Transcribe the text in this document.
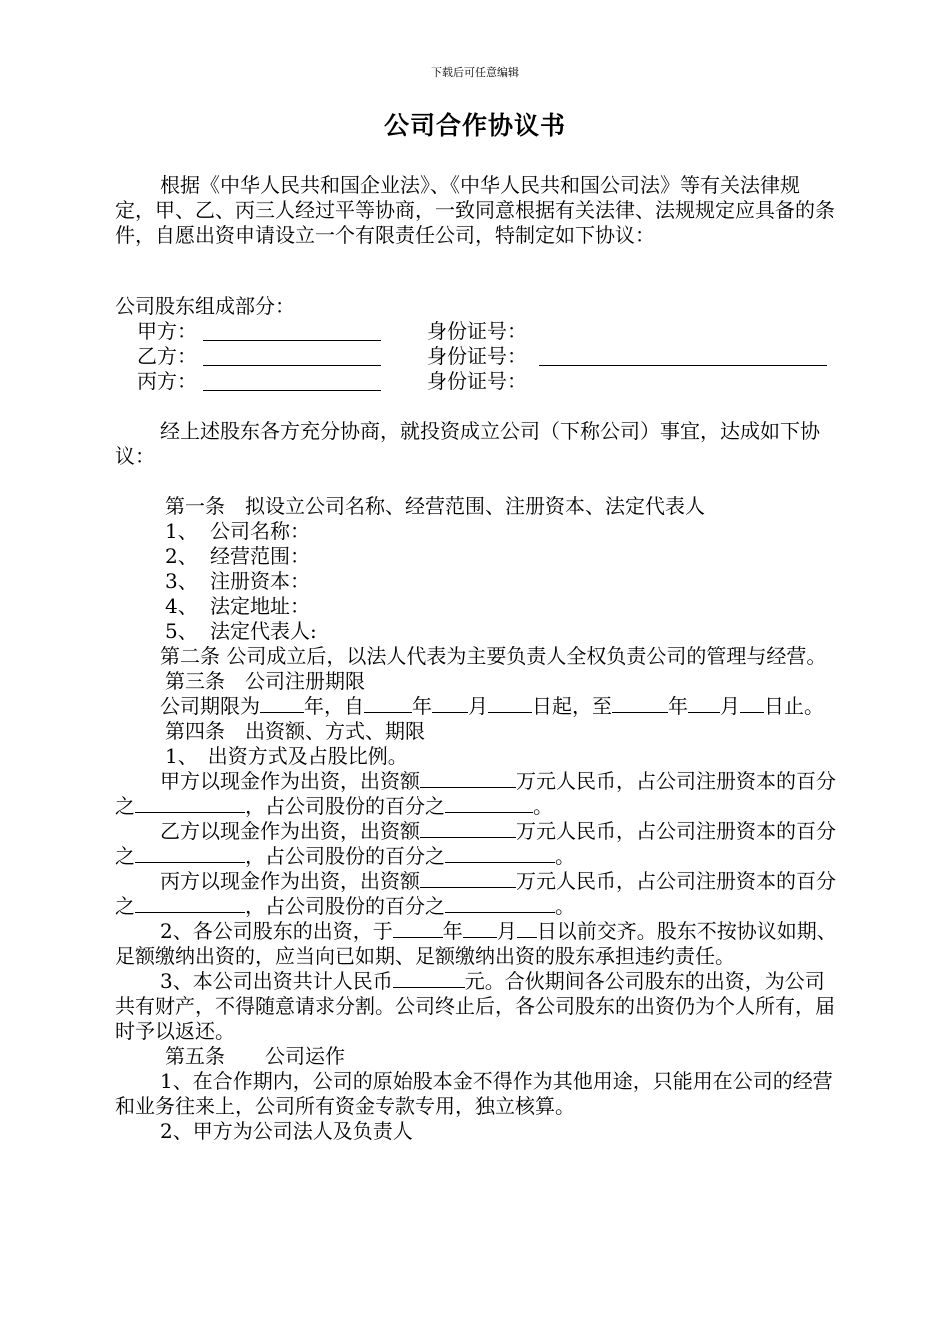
下载后可任意编辑
公司合作协议书

根据《中华人民共和国企业法》、《中华人民共和国公司法》等有关法律规定，甲、乙、丙三人经过平等协商，一致同意根据有关法律、法规规定应具备的条件，自愿出资申请设立一个有限责任公司，特制定如下协议：

公司股东组成部分：

甲方：	身份证号：
乙方：	身份证号：
丙方：	身份证号：

经上述股东各方充分协商，就投资成立公司（下称公司）事宜，达成如下协议：

第一条　拟设立公司名称、经营范围、注册资本、法定代表人

1、 公司名称：

2、 经营范围：

3、 注册资本：

4、 法定地址：

5、 法定代表人:

第二条 公司成立后，以法人代表为主要负责人全权负责公司的管理与经营。

第三条　公司注册期限

公司期限为 年，自 年 月 日起，至	年 月 日止。

第四条　出资额、方式、期限

1、　出资方式及占股比例。

甲方以现金作为出资，出资额	万元人民币，占公司注册资本的百分之	，占公司股份的百分之	。

乙方以现金作为出资，出资额	万元人民币，占公司注册资本的百分之	，占公司股份的百分之	。

丙方以现金作为出资，出资额	万元人民币，占公司注册资本的百分之	，占公司股份的百分之	。

2、各公司股东的出资，于	年 月 日以前交齐。股东不按协议如期、足额缴纳出资的，应当向已如期、足额缴纳出资的股东承担违约责任。

3、本公司出资共计人民币	元。合伙期间各公司股东的出资，为公司共有财产，不得随意请求分割。公司终止后，各公司股东的出资仍为个人所有，届时予以返还。

第五条　　公司运作

1、在合作期内，公司的原始股本金不得作为其他用途，只能用在公司的经营和业务往来上，公司所有资金专款专用，独立核算。

2、甲方为公司法人及负责人
